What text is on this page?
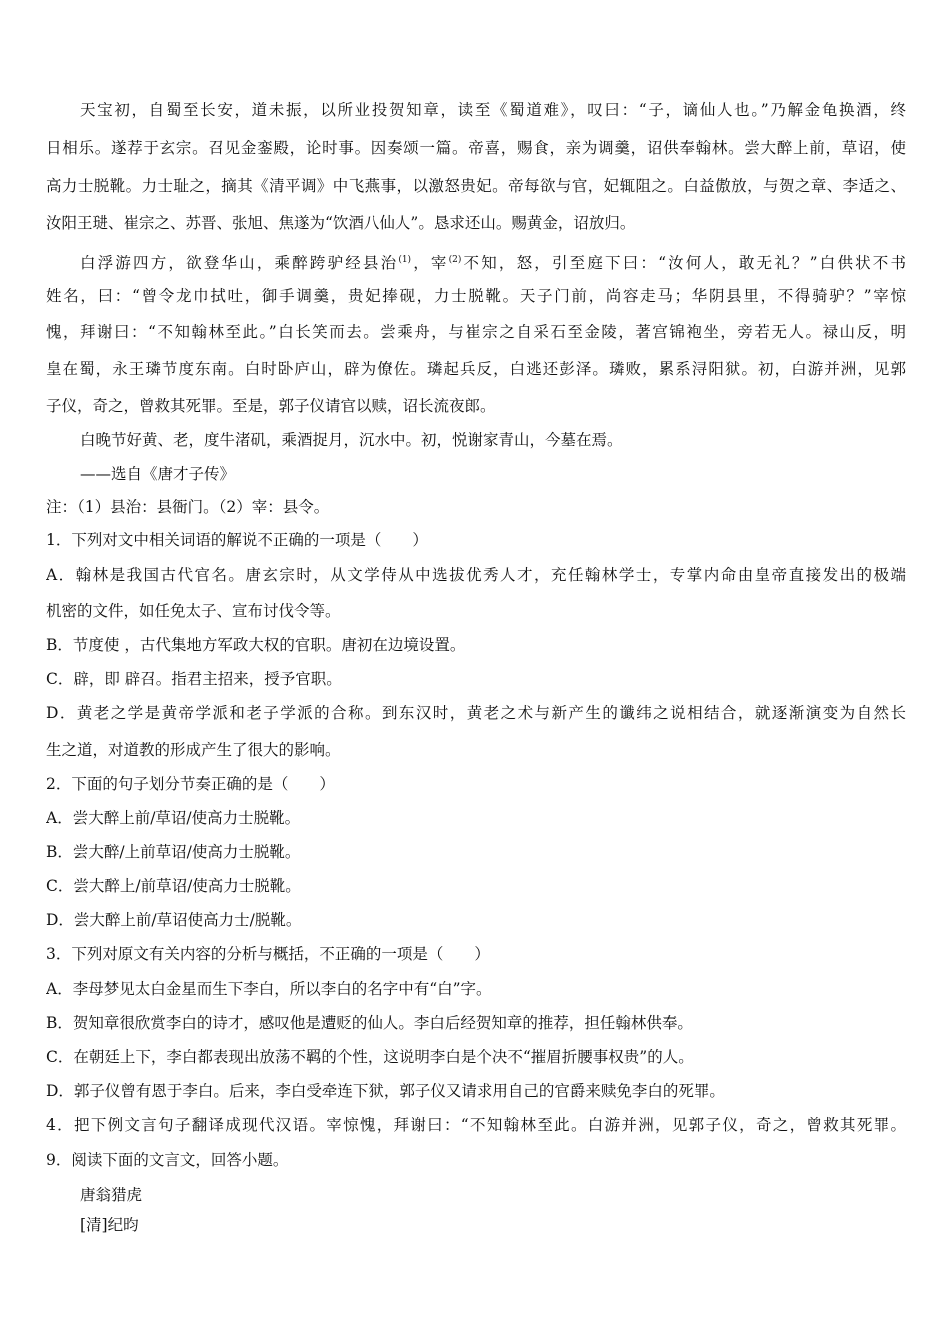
天宝初，自蜀至长安，道未振，以所业投贺知章，读至《蜀道难》，叹曰：“子，谪仙人也。”乃解金龟换酒，终
日相乐。遂荐于玄宗。召见金銮殿，论时事。因奏颂一篇。帝喜，赐食，亲为调羹，诏供奉翰林。尝大醉上前，草诏，使
高力士脱靴。力士耻之，摘其《清平调》中飞燕事，以激怒贵妃。帝每欲与官，妃辄阻之。白益傲放，与贺之章、李适之、
汝阳王琎、崔宗之、苏晋、张旭、焦遂为“饮酒八仙人”。恳求还山。赐黄金，诏放归。
白浮游四方，欲登华山，乘醉跨驴经县治$^{(1)}$，宰$^{(2)}$不知，怒，引至庭下曰：“汝何人，敢无礼？”白供状不书
姓名，曰：“曾令龙巾拭吐，御手调羹，贵妃捧砚，力士脱靴。天子门前，尚容走马；华阴县里，不得骑驴？”宰惊
愧，拜谢曰：“不知翰林至此。”白长笑而去。尝乘舟，与崔宗之自采石至金陵，著宫锦袍坐，旁若无人。禄山反，明
皇在蜀，永王璘节度东南。白时卧庐山，辟为僚佐。璘起兵反，白逃还彭泽。璘败，累系浔阳狱。初，白游并洲，见郭
子仪，奇之，曾救其死罪。至是，郭子仪请官以赎，诏长流夜郎。
白晚节好黄、老，度牛渚矶，乘酒捉月，沉水中。初，悦谢家青山，今墓在焉。
——选自《唐才子传》
注：（1）县治：县衙门。（2）宰：县令。
1．下列对文中相关词语的解说不正确的一项是（　　）
A．翰林是我国古代官名。唐玄宗时，从文学侍从中选拔优秀人才，充任翰林学士，专掌内命由皇帝直接发出的极端
机密的文件，如任免太子、宣布讨伐令等。
B．节度使 ，古代集地方军政大权的官职。唐初在边境设置。
C．辟，即 辟召。指君主招来，授予官职。
D．黄老之学是黄帝学派和老子学派的合称。到东汉时，黄老之术与新产生的谶纬之说相结合，就逐渐演变为自然长
生之道，对道教的形成产生了很大的影响。
2．下面的句子划分节奏正确的是（　　）
A．尝大醉上前/草诏/使高力士脱靴。
B．尝大醉/上前草诏/使高力士脱靴。
C．尝大醉上/前草诏/使高力士脱靴。
D．尝大醉上前/草诏使高力士/脱靴。
3．下列对原文有关内容的分析与概括，不正确的一项是（　　）
A．李母梦见太白金星而生下李白，所以李白的名字中有“白”字。
B．贺知章很欣赏李白的诗才，感叹他是遭贬的仙人。李白后经贺知章的推荐，担任翰林供奉。
C．在朝廷上下，李白都表现出放荡不羁的个性，这说明李白是个决不“摧眉折腰事权贵”的人。
D．郭子仪曾有恩于李白。后来，李白受牵连下狱，郭子仪又请求用自己的官爵来赎免李白的死罪。
4．把下例文言句子翻译成现代汉语。宰惊愧，拜谢曰：“不知翰林至此。白游并洲，见郭子仪，奇之，曾救其死罪。
9．阅读下面的文言文，回答小题。
唐翁猎虎
[清]纪昀
